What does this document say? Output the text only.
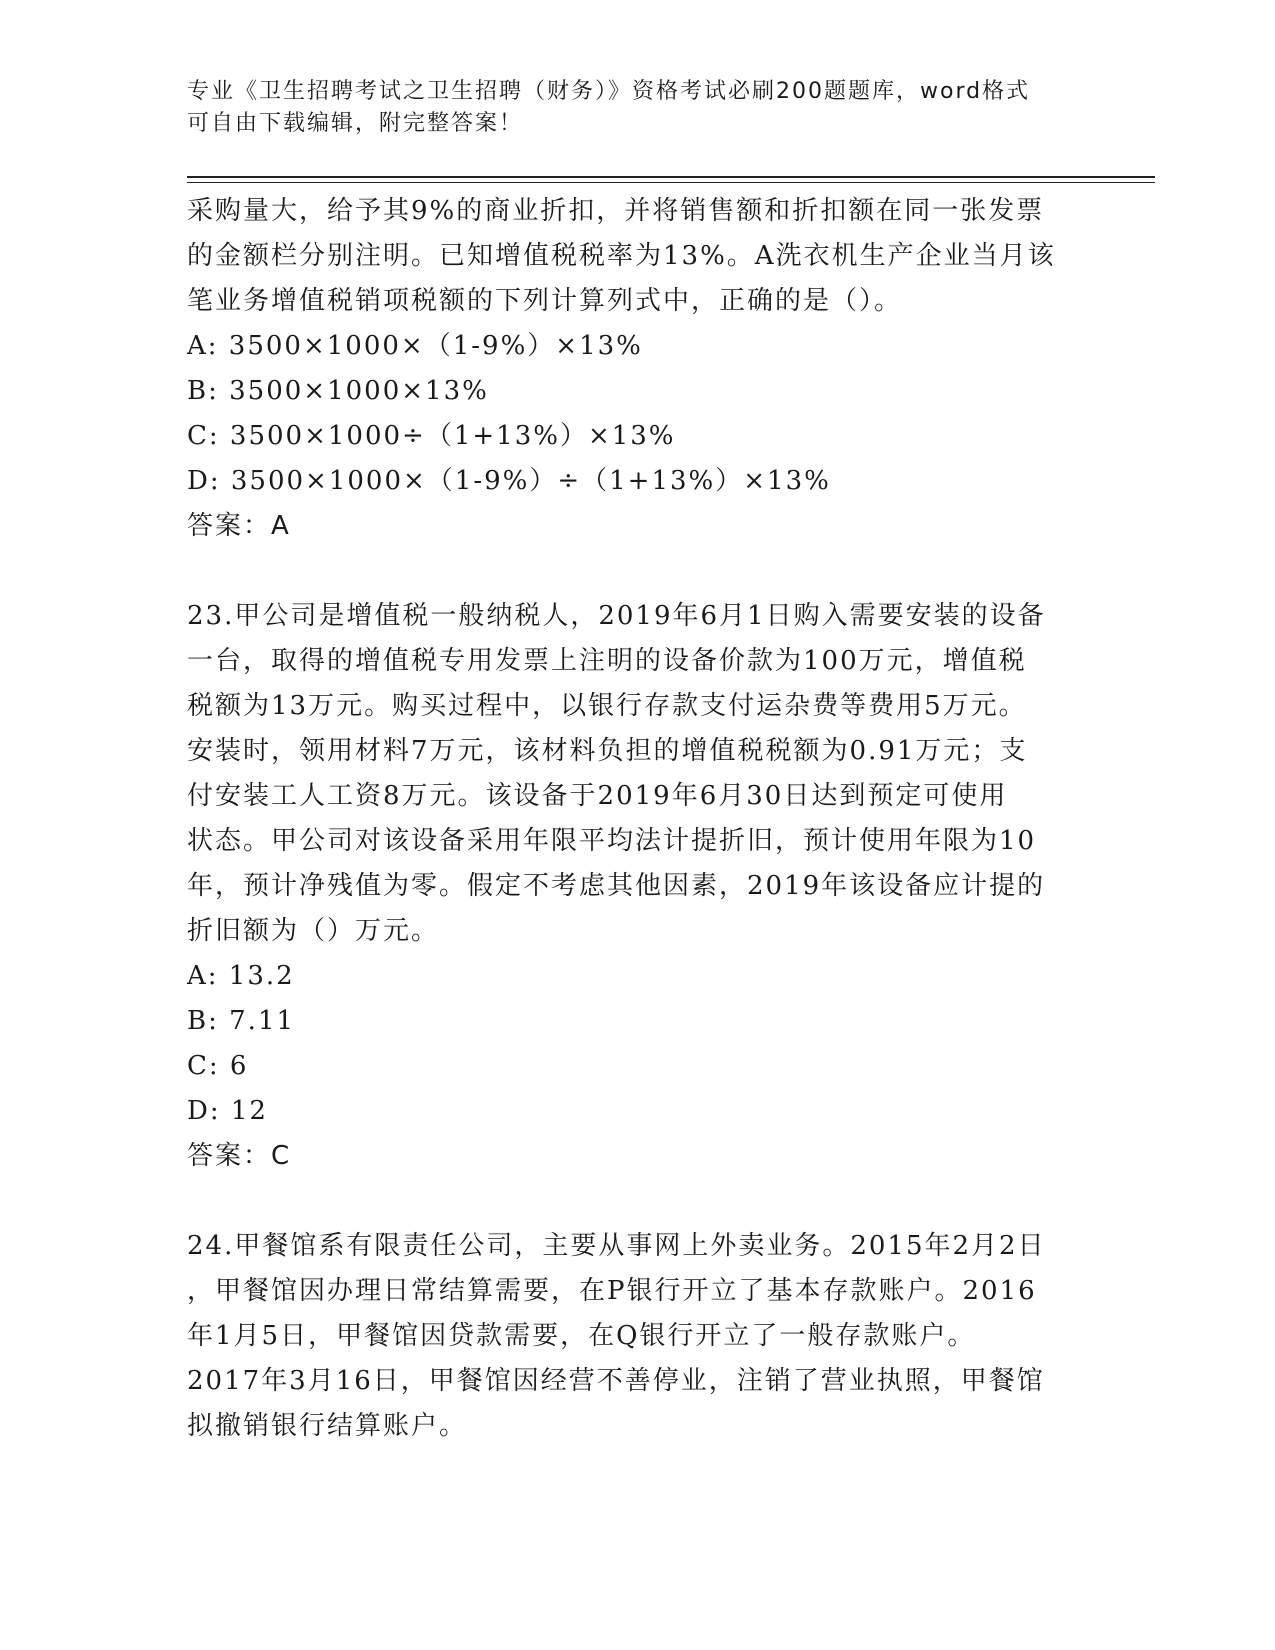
专业《卫生招聘考试之卫生招聘（财务）》资格考试必刷200题题库，word格式
可自由下载编辑，附完整答案！

采购量大，给予其9%的商业折扣，并将销售额和折扣额在同一张发票

的金额栏分别注明。已知增值税税率为13%。A洗衣机生产企业当月该

笔业务增值税销项税额的下列计算列式中，正确的是（）。

A: 3500×1000×（1-9%）×13%

B: 3500×1000×13%

C: 3500×1000÷（1+13%）×13%

D: 3500×1000×（1-9%）÷（1+13%）×13%

答案：A

23.甲公司是增值税一般纳税人，2019年6月1日购入需要安装的设备

一台，取得的增值税专用发票上注明的设备价款为100万元，增值税

税额为13万元。购买过程中，以银行存款支付运杂费等费用5万元。

安装时，领用材料7万元，该材料负担的增值税税额为0.91万元；支

付安装工人工资8万元。该设备于2019年6月30日达到预定可使用

状态。甲公司对该设备采用年限平均法计提折旧，预计使用年限为10

年，预计净残值为零。假定不考虑其他因素，2019年该设备应计提的

折旧额为（）万元。

A: 13.2

B: 7.11

C: 6

D: 12

答案：C

24.甲餐馆系有限责任公司，主要从事网上外卖业务。2015年2月2日

，甲餐馆因办理日常结算需要，在P银行开立了基本存款账户。2016

年1月5日，甲餐馆因贷款需要，在Q银行开立了一般存款账户。

2017年3月16日，甲餐馆因经营不善停业，注销了营业执照，甲餐馆

拟撤销银行结算账户。
